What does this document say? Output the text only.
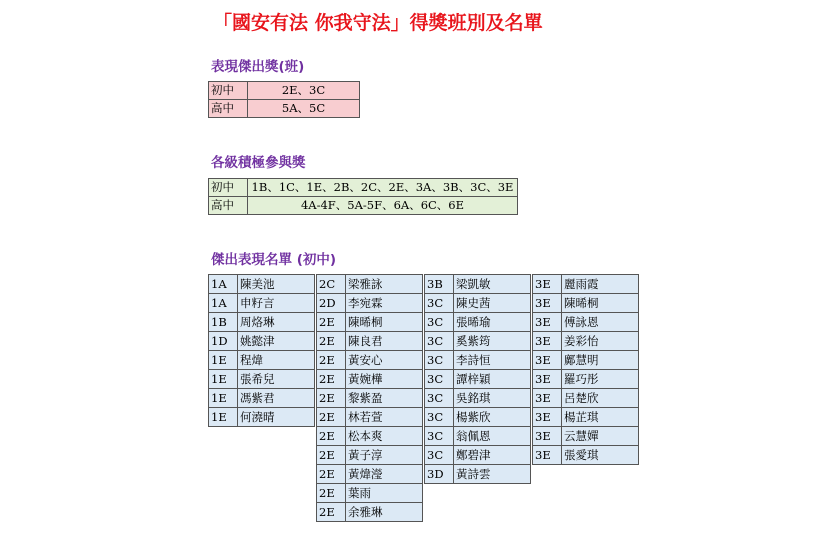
「國安有法 你我守法」得獎班別及名單
表現傑出獎(班)
初中	2E、3C
高中	5A、5C
各級積極參與獎
初中	1B、1C、1E、2B、2C、2E、3A、3B、3C、3E
高中	4A-4F、5A-5F、6A、6C、6E
傑出表現名單 (初中)
1A	陳美池
1A	申籽言
1B	周烙琳
1D	姚懿津
1E	程煒
1E	張希兒
1E	馮紫君
1E	何澆晴
2C	梁雅詠
2D	李宛霖
2E	陳晞桐
2E	陳良君
2E	黃安心
2E	黃婉樺
2E	黎紫盈
2E	林若萱
2E	松本爽
2E	黃子淳
2E	黃煒瀅
2E	葉雨
2E	余雅琳
3B	梁凱敏
3C	陳史茜
3C	張晞瑜
3C	奚紫筠
3C	李詩恒
3C	譚梓穎
3C	吳銘琪
3C	楊紫欣
3C	翁佩恩
3C	鄭碧津
3D	黃詩雲
3E	麗雨霞
3E	陳晞桐
3E	傅詠恩
3E	姜彩怡
3E	鄺慧明
3E	羅巧彤
3E	呂楚欣
3E	楊芷琪
3E	云慧嬋
3E	張愛琪
